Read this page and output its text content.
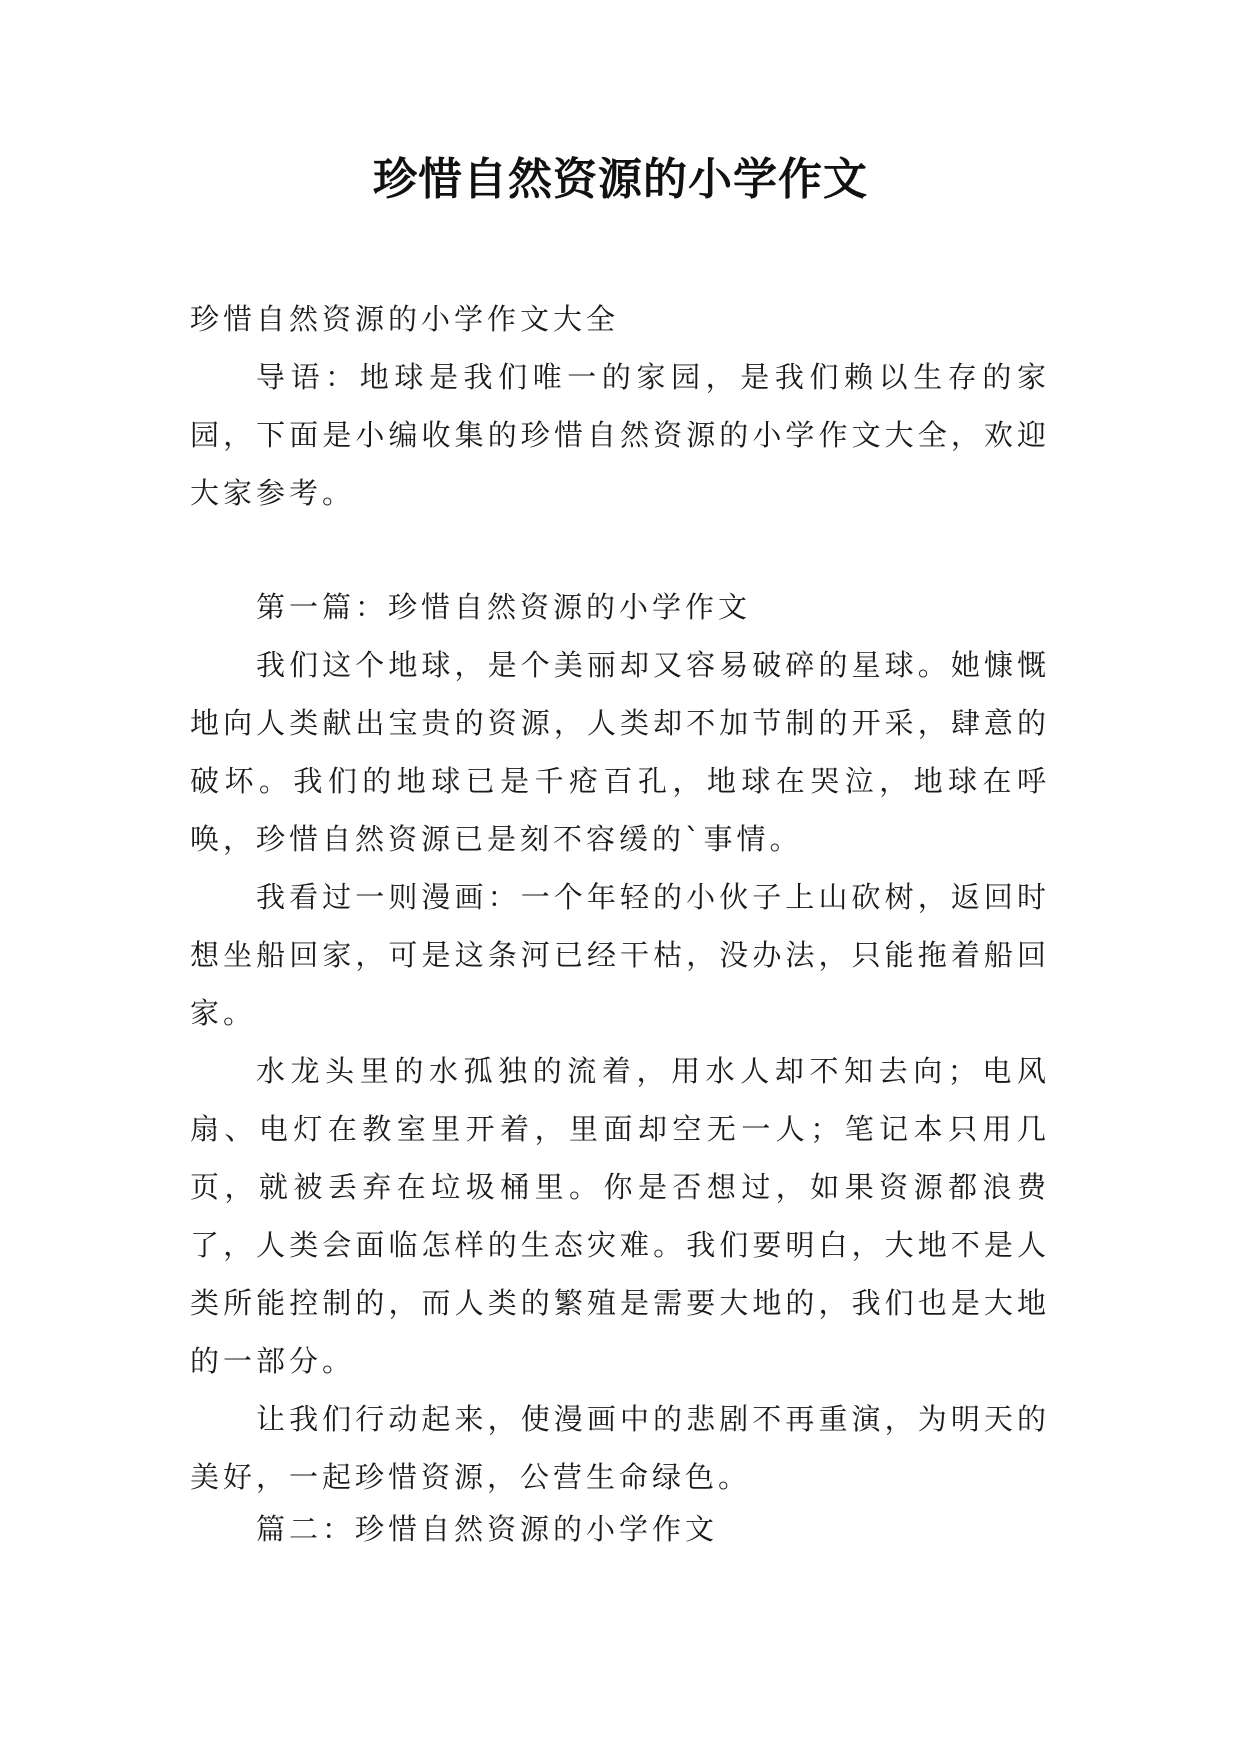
珍惜自然资源的小学作文

珍惜自然资源的小学作文大全

导语：地球是我们唯一的家园，是我们赖以生存的家园，下面是小编收集的珍惜自然资源的小学作文大全，欢迎大家参考。

第一篇：珍惜自然资源的小学作文

我们这个地球，是个美丽却又容易破碎的星球。她慷慨地向人类献出宝贵的资源，人类却不加节制的开采，肆意的破坏。我们的地球已是千疮百孔，地球在哭泣，地球在呼唤，珍惜自然资源已是刻不容缓的`事情。

我看过一则漫画：一个年轻的小伙子上山砍树，返回时想坐船回家，可是这条河已经干枯，没办法，只能拖着船回家。

水龙头里的水孤独的流着，用水人却不知去向；电风扇、电灯在教室里开着，里面却空无一人；笔记本只用几页，就被丢弃在垃圾桶里。你是否想过，如果资源都浪费了，人类会面临怎样的生态灾难。我们要明白，大地不是人类所能控制的，而人类的繁殖是需要大地的，我们也是大地的一部分。

让我们行动起来，使漫画中的悲剧不再重演，为明天的美好，一起珍惜资源，公营生命绿色。

篇二：珍惜自然资源的小学作文
